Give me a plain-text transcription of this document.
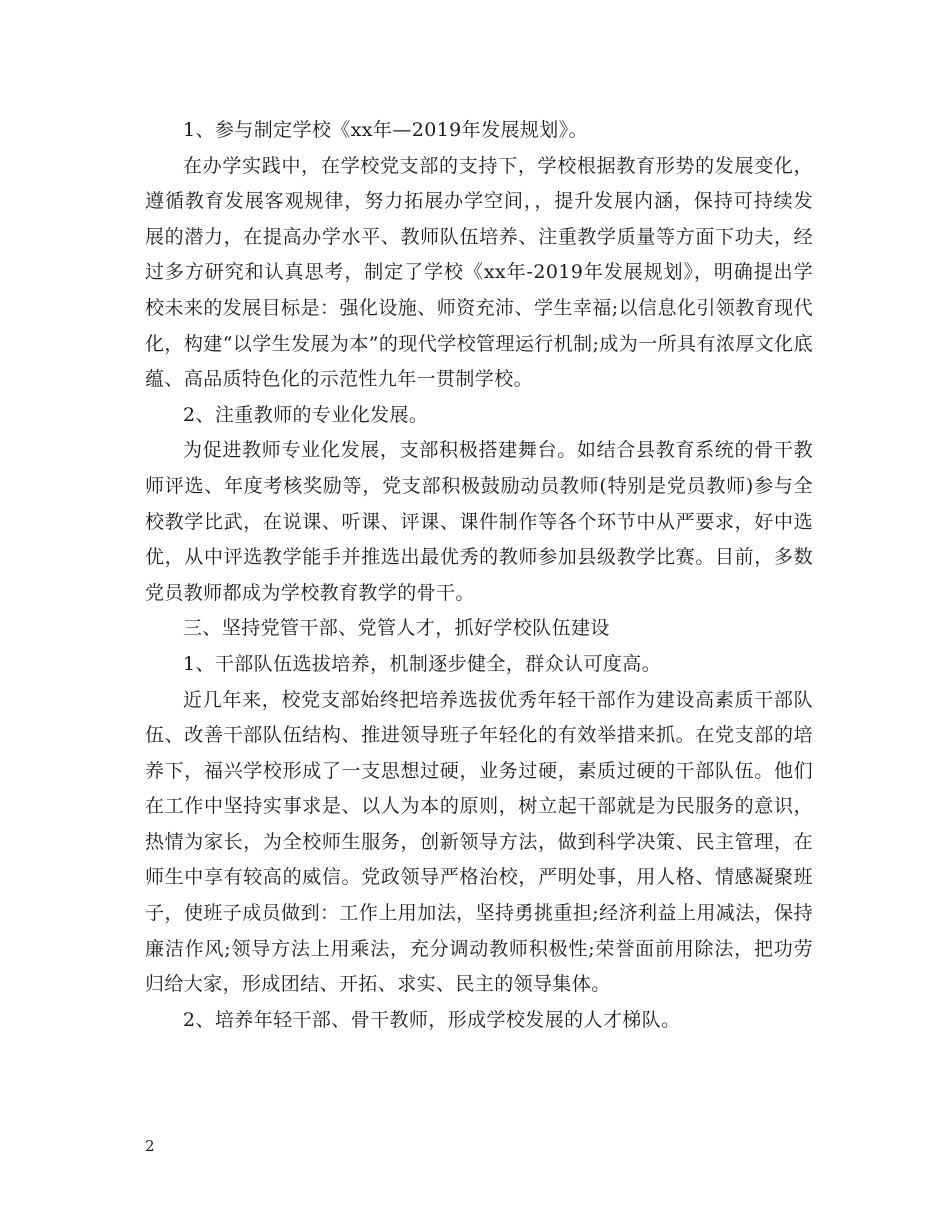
1、参与制定学校《xx年—2019年发展规划》。

在办学实践中，在学校党支部的支持下，学校根据教育形势的发展变化，遵循教育发展客观规律，努力拓展办学空间，，提升发展内涵，保持可持续发展的潜力，在提高办学水平、教师队伍培养、注重教学质量等方面下功夫，经过多方研究和认真思考，制定了学校《xx年-2019年发展规划》，明确提出学校未来的发展目标是：强化设施、师资充沛、学生幸福;以信息化引领教育现代化，构建“以学生发展为本”的现代学校管理运行机制;成为一所具有浓厚文化底蕴、高品质特色化的示范性九年一贯制学校。

2、注重教师的专业化发展。

为促进教师专业化发展，支部积极搭建舞台。如结合县教育系统的骨干教师评选、年度考核奖励等，党支部积极鼓励动员教师(特别是党员教师)参与全校教学比武，在说课、听课、评课、课件制作等各个环节中从严要求，好中选优，从中评选教学能手并推选出最优秀的教师参加县级教学比赛。目前，多数党员教师都成为学校教育教学的骨干。

三、坚持党管干部、党管人才，抓好学校队伍建设

1、干部队伍选拔培养，机制逐步健全，群众认可度高。

近几年来，校党支部始终把培养选拔优秀年轻干部作为建设高素质干部队伍、改善干部队伍结构、推进领导班子年轻化的有效举措来抓。在党支部的培养下，福兴学校形成了一支思想过硬，业务过硬，素质过硬的干部队伍。他们在工作中坚持实事求是、以人为本的原则，树立起干部就是为民服务的意识，热情为家长，为全校师生服务，创新领导方法，做到科学决策、民主管理，在师生中享有较高的威信。党政领导严格治校，严明处事，用人格、情感凝聚班子，使班子成员做到：工作上用加法，坚持勇挑重担;经济利益上用减法，保持廉洁作风;领导方法上用乘法，充分调动教师积极性;荣誉面前用除法，把功劳归给大家，形成团结、开拓、求实、民主的领导集体。

2、培养年轻干部、骨干教师，形成学校发展的人才梯队。

2
